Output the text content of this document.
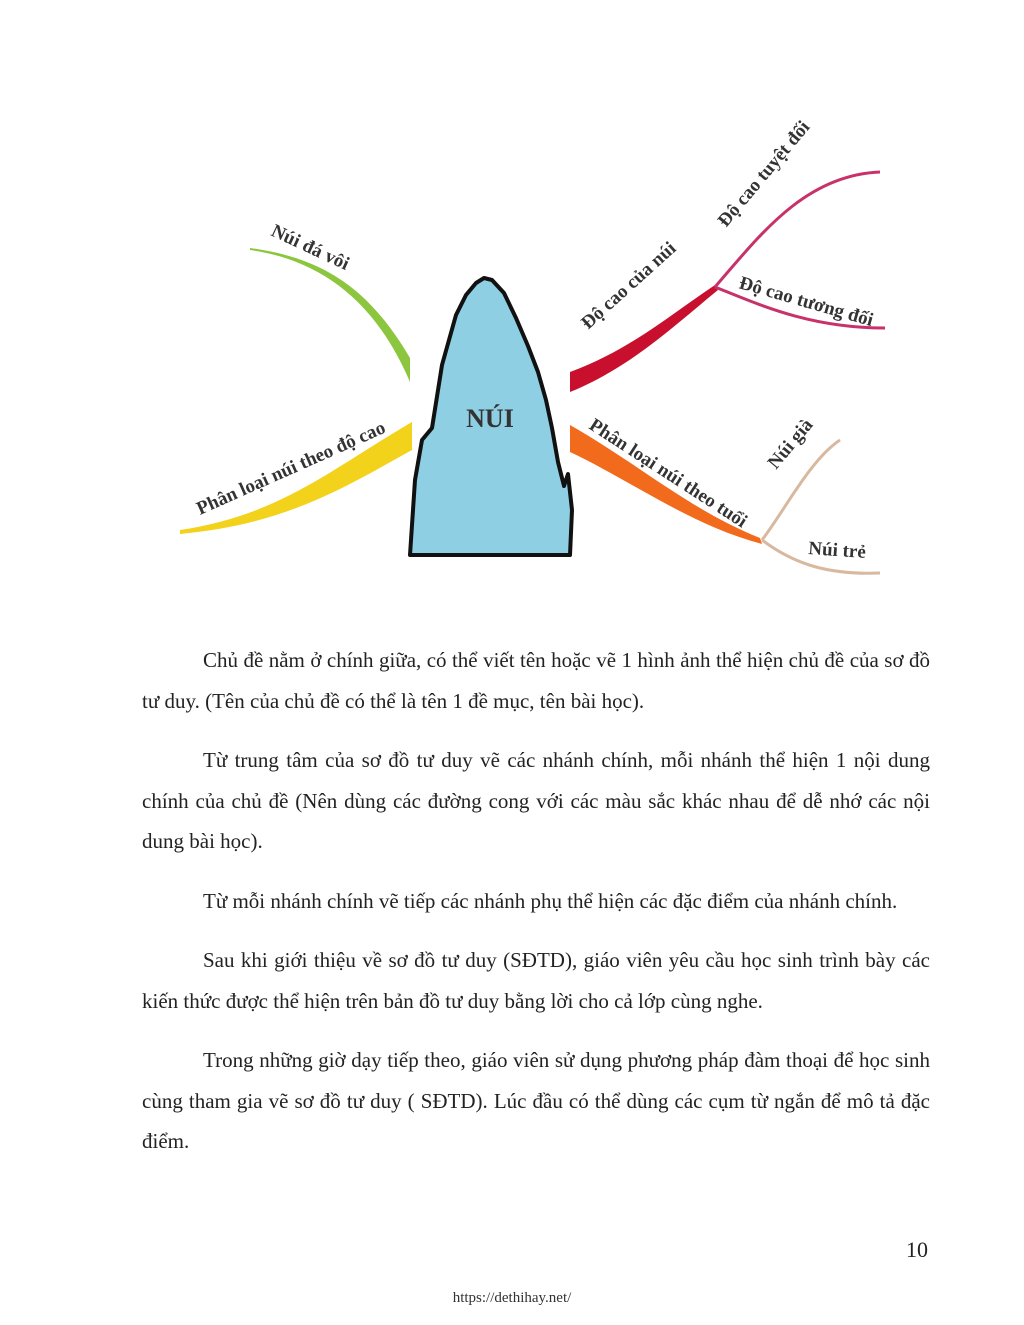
NÚI
Núi đá vôi
Phân loại núi theo độ cao
Độ cao của núi
Độ cao tuyệt đối
Độ cao tương đối
Phân loại núi theo tuổi Núi già
Núi trẻ

Chủ đề nằm ở chính giữa, có thể viết tên hoặc vẽ 1 hình ảnh thể hiện chủ đề của sơ đồ tư duy. (Tên của chủ đề có thể là tên 1 đề mục, tên bài học).

Từ trung tâm của sơ đồ tư duy vẽ các nhánh chính, mỗi nhánh thể hiện 1 nội dung chính của chủ đề (Nên dùng các đường cong với các màu sắc khác nhau để dễ nhớ các nội dung bài học).

Từ mỗi nhánh chính vẽ tiếp các nhánh phụ thể hiện các đặc điểm của nhánh chính.

Sau khi giới thiệu về sơ đồ tư duy (SĐTD), giáo viên yêu cầu học sinh trình bày các kiến thức được thể hiện trên bản đồ tư duy bằng lời cho cả lớp cùng nghe.

Trong những giờ dạy tiếp theo, giáo viên sử dụng phương pháp đàm thoại để học sinh cùng tham gia vẽ sơ đồ tư duy ( SĐTD). Lúc đầu có thể dùng các cụm từ ngắn để mô tả đặc điểm.

10
https://dethihay.net/
